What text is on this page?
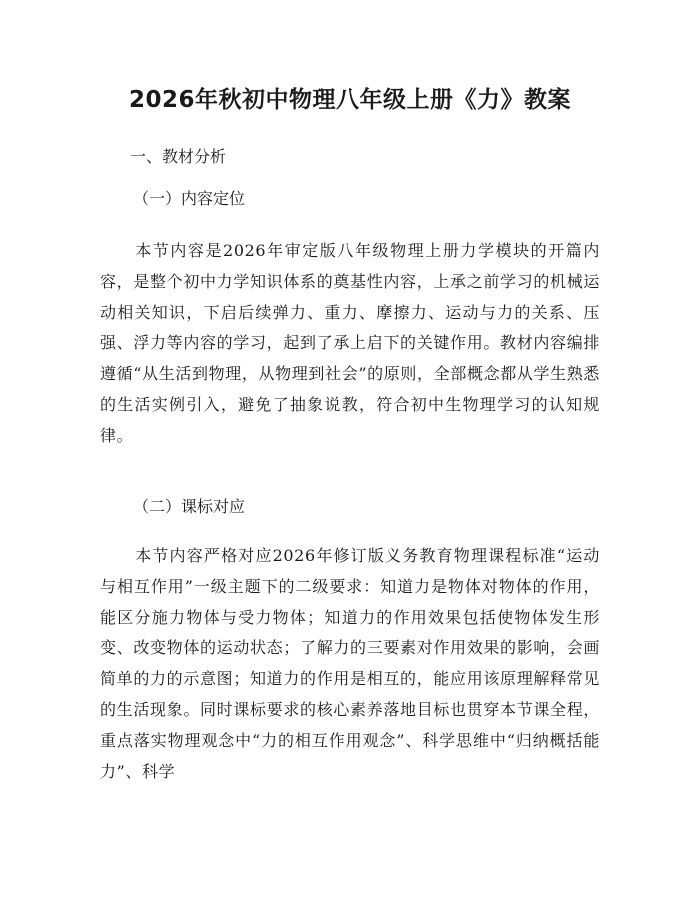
2026年秋初中物理八年级上册《力》教案

一、教材分析

（一）内容定位

本节内容是2026年审定版八年级物理上册力学模块的开篇内容，是整个初中力学知识体系的奠基性内容，上承之前学习的机械运动相关知识，下启后续弹力、重力、摩擦力、运动与力的关系、压强、浮力等内容的学习，起到了承上启下的关键作用。教材内容编排遵循“从生活到物理，从物理到社会”的原则，全部概念都从学生熟悉的生活实例引入，避免了抽象说教，符合初中生物理学习的认知规律。

（二）课标对应

本节内容严格对应2026年修订版义务教育物理课程标准“运动与相互作用”一级主题下的二级要求：知道力是物体对物体的作用，能区分施力物体与受力物体；知道力的作用效果包括使物体发生形变、改变物体的运动状态；了解力的三要素对作用效果的影响，会画简单的力的示意图；知道力的作用是相互的，能应用该原理解释常见的生活现象。同时课标要求的核心素养落地目标也贯穿本节课全程，重点落实物理观念中“力的相互作用观念”、科学思维中“归纳概括能力”、科学
